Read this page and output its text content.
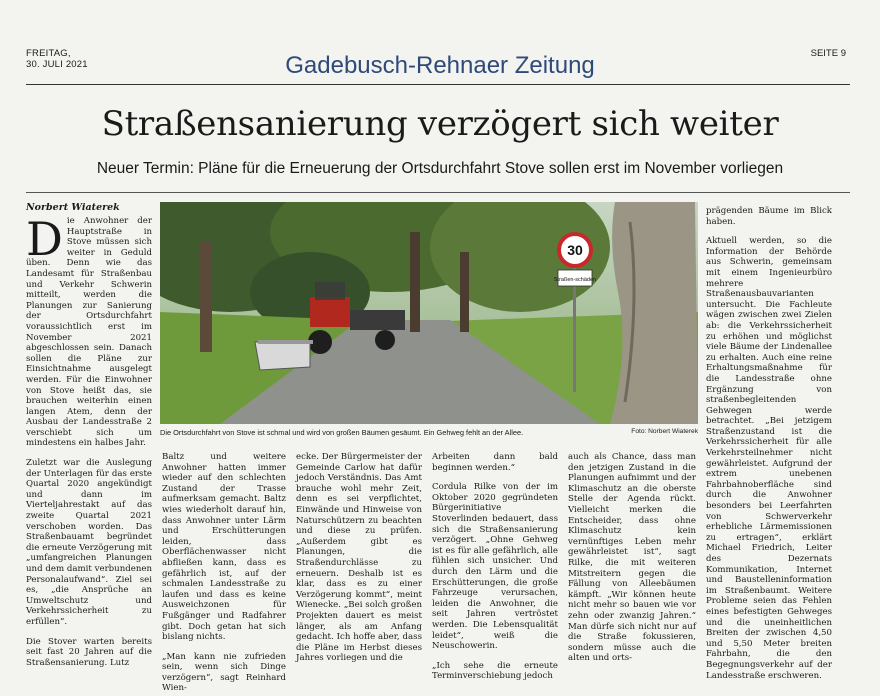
FREITAG,
30. JULI 2021	Gadebusch-Rehnaer Zeitung	SEITE 9
Straßensanierung verzögert sich weiter
Neuer Termin: Pläne für die Erneuerung der Ortsdurchfahrt Stove sollen erst im November vorliegen
Norbert Wiaterek

Die Anwohner der Hauptstraße in Stove müssen sich weiter in Geduld üben. Denn wie das Landesamt für Straßenbau und Verkehr Schwerin mitteilt, werden die Planungen zur Sanierung der Ortsdurchfahrt voraussichtlich erst im November 2021 abgeschlossen sein. Danach sollen die Pläne zur Einsichtnahme ausgelegt werden. Für die Einwohner von Stove heißt das, sie brauchen weiterhin einen langen Atem, denn der Ausbau der Landesstraße 2 verschiebt sich um mindestens ein halbes Jahr.

Zuletzt war die Auslegung der Unterlagen für das erste Quartal 2020 angekündigt und dann im Vierteljahrestakt auf das zweite Quartal 2021 verschoben worden. Das Straßenbauamt begründet die erneute Verzögerung mit „umfangreichen Planungen und dem damit verbundenen Personalaufwand“. Ziel sei es, „die Ansprüche an Umweltschutz und Verkehrssicherheit zu erfüllen“.

Die Stover warten bereits seit fast 20 Jahren auf die Straßensanierung. Lutz

30
Straßen-schäden
Die Ortsdurchfahrt von Stove ist schmal und wird von großen Bäumen gesäumt. Ein Gehweg fehlt an der Allee.	Foto: Norbert Wiaterek

Baltz und weitere Anwohner hatten immer wieder auf den schlechten Zustand der Trasse aufmerksam gemacht. Baltz wies wiederholt darauf hin, dass Anwohner unter Lärm und Erschütterungen leiden, dass Oberflächenwasser nicht abfließen kann, dass es gefährlich ist, auf der schmalen Landesstraße zu laufen und dass es keine Ausweichzonen für Fußgänger und Radfahrer gibt. Doch getan hat sich bislang nichts.

„Man kann nie zufrieden sein, wenn sich Dinge verzögern“, sagt Reinhard Wien-

ecke. Der Bürgermeister der Gemeinde Carlow hat dafür jedoch Verständnis. Das Amt brauche wohl mehr Zeit, denn es sei verpflichtet, Einwände und Hinweise von Naturschützern zu beachten und diese zu prüfen. „Außerdem gibt es Planungen, die Straßendurchlässe zu erneuern. Deshalb ist es klar, dass es zu einer Verzögerung kommt“, meint Wienecke. „Bei solch großen Projekten dauert es meist länger, als am Anfang gedacht. Ich hoffe aber, dass die Pläne im Herbst dieses Jahres vorliegen und die

Arbeiten dann bald beginnen werden.“

Cordula Rilke von der im Oktober 2020 gegründeten Bürgerinitiative Stoverlinden bedauert, dass sich die Straßensanierung verzögert. „Ohne Gehweg ist es für alle gefährlich, alle fühlen sich unsicher. Und durch den Lärm und die Erschütterungen, die große Fahrzeuge verursachen, leiden die Anwohner, die seit Jahren vertröstet werden. Die Lebensqualität leidet“, weiß die Neuschowerin.

„Ich sehe die erneute Terminverschiebung jedoch

auch als Chance, dass man den jetzigen Zustand in die Planungen aufnimmt und der Klimaschutz an die oberste Stelle der Agenda rückt. Vielleicht merken die Entscheider, dass ohne Klimaschutz kein vernünftiges Leben mehr gewährleistet ist“, sagt Rilke, die mit weiteren Mitstreitern gegen die Fällung von Alleebäumen kämpft. „Wir können heute nicht mehr so bauen wie vor zehn oder zwanzig Jahren.“ Man dürfe sich nicht nur auf die Straße fokussieren, sondern müsse auch die alten und orts-

prägenden Bäume im Blick haben.

Aktuell werden, so die Information der Behörde aus Schwerin, gemeinsam mit einem Ingenieurbüro mehrere Straßenausbauvarianten untersucht. Die Fachleute wägen zwischen zwei Zielen ab: die Verkehrssicherheit zu erhöhen und möglichst viele Bäume der Lindenallee zu erhalten. Auch eine reine Erhaltungsmaßnahme für die Landesstraße ohne Ergänzung von straßenbegleitenden Gehwegen werde betrachtet. „Bei jetzigem Straßenzustand ist die Verkehrssicherheit für alle Verkehrsteilnehmer nicht gewährleistet. Aufgrund der extrem unebenen Fahrbahnoberfläche sind durch die Anwohner besonders bei Leerfahrten von Schwerverkehr erhebliche Lärmemissionen zu ertragen“, erklärt Michael Friedrich, Leiter des Dezernats Kommunikation, Internet und Baustelleninformation im Straßenbaumt. Weitere Probleme seien das Fehlen eines befestigten Gehweges und die uneinheitlichen Breiten der zwischen 4,50 und 5,50 Meter breiten Fahrbahn, die den Begegnungsverkehr auf der Landesstraße erschweren.
